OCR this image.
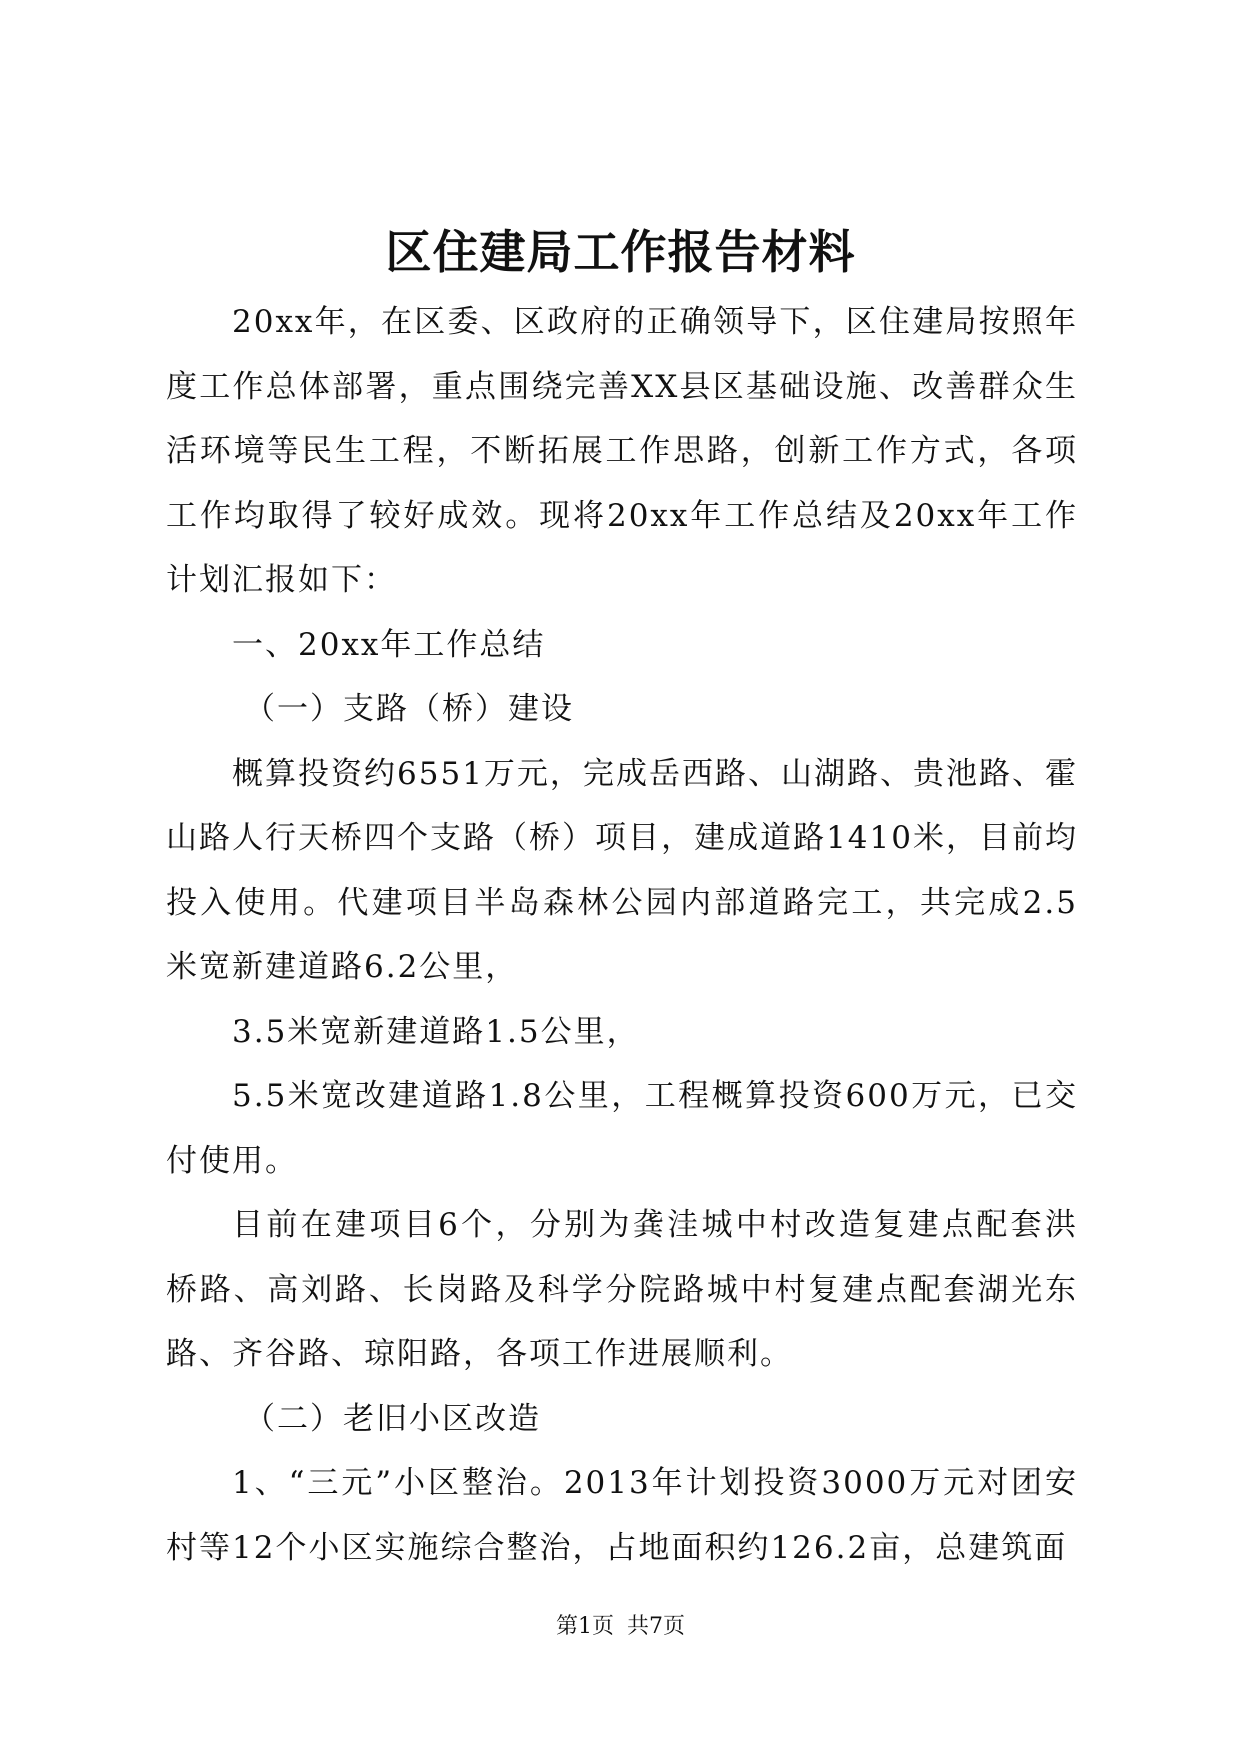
区住建局工作报告材料

20xx年，在区委、区政府的正确领导下，区住建局按照年度工作总体部署，重点围绕完善XX县区基础设施、改善群众生活环境等民生工程，不断拓展工作思路，创新工作方式，各项工作均取得了较好成效。现将20xx年工作总结及20xx年工作计划汇报如下：

一、20xx年工作总结

（一）支路（桥）建设

概算投资约6551万元，完成岳西路、山湖路、贵池路、霍山路人行天桥四个支路（桥）项目，建成道路1410米，目前均投入使用。代建项目半岛森林公园内部道路完工，共完成2.5米宽新建道路6.2公里，

3.5米宽新建道路1.5公里，

5.5米宽改建道路1.8公里，工程概算投资600万元，已交付使用。

目前在建项目6个，分别为龚洼城中村改造复建点配套洪桥路、高刘路、长岗路及科学分院路城中村复建点配套湖光东路、齐谷路、琼阳路，各项工作进展顺利。

（二）老旧小区改造

1、“三元”小区整治。2013年计划投资3000万元对团安村等12个小区实施综合整治，占地面积约126.2亩，总建筑面

第1页 共7页
